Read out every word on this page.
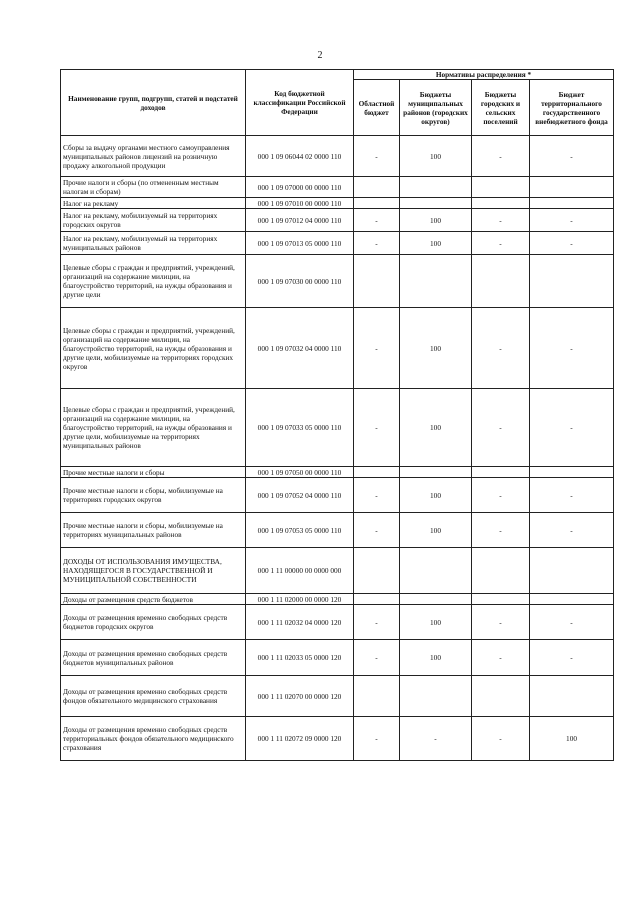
2
Наименование групп, подгрупп, статей и подстатей доходов	Код бюджетной классификации Российской Федерации	Нормативы распределения *			
		Областной бюджет	Бюджеты муниципальных районов (городских округов)	Бюджеты городских и сельских поселений	Бюджет территориального государственного внебюджетного фонда
Сборы за выдачу органами местного самоуправления муниципальных районов лицензий на розничную продажу алкогольной продукции	000 1 09 06044 02 0000 110	-	100	-	-
Прочие налоги и сборы (по отмененным местным налогам и сборам)	000 1 09 07000 00 0000 110				
Налог на рекламу	000 1 09 07010 00 0000 110				
Налог на рекламу, мобилизуемый на территориях городских округов	000 1 09 07012 04 0000 110	-	100	-	-
Налог на рекламу, мобилизуемый на территориях муниципальных районов	000 1 09 07013 05 0000 110	-	100	-	-
Целевые сборы с граждан и предприятий, учреждений, организаций на содержание милиции, на благоустройство территорий, на нужды образования и другие цели	000 1 09 07030 00 0000 110				
Целевые сборы с граждан и предприятий, учреждений, организаций на содержание милиции, на благоустройство территорий, на нужды образования и другие цели, мобилизуемые на территориях городских округов	000 1 09 07032 04 0000 110	-	100	-	-
Целевые сборы с граждан и предприятий, учреждений, организаций на содержание милиции, на благоустройство территорий, на нужды образования и другие цели, мобилизуемые на территориях муниципальных районов	000 1 09 07033 05 0000 110	-	100	-	-
Прочие местные налоги и сборы	000 1 09 07050 00 0000 110				
Прочие местные налоги и сборы, мобилизуемые на территориях городских округов	000 1 09 07052 04 0000 110	-	100	-	-
Прочие местные налоги и сборы, мобилизуемые на территориях муниципальных районов	000 1 09 07053 05 0000 110	-	100	-	-
ДОХОДЫ ОТ ИСПОЛЬЗОВАНИЯ ИМУЩЕСТВА, НАХОДЯЩЕГОСЯ В ГОСУДАРСТВЕННОЙ И МУНИЦИПАЛЬНОЙ СОБСТВЕННОСТИ	000 1 11 00000 00 0000 000				
Доходы от размещения средств бюджетов	000 1 11 02000 00 0000 120				
Доходы от размещения временно свободных средств бюджетов городских округов	000 1 11 02032 04 0000 120	-	100	-	-
Доходы от размещения временно свободных средств бюджетов муниципальных районов	000 1 11 02033 05 0000 120	-	100	-	-
Доходы от размещения временно свободных средств фондов обязательного медицинского страхования	000 1 11 02070 00 0000 120				
Доходы от размещения временно свободных средств территориальных фондов обязательного медицинского страхования	000 1 11 02072 09 0000 120	-	-	-	100
